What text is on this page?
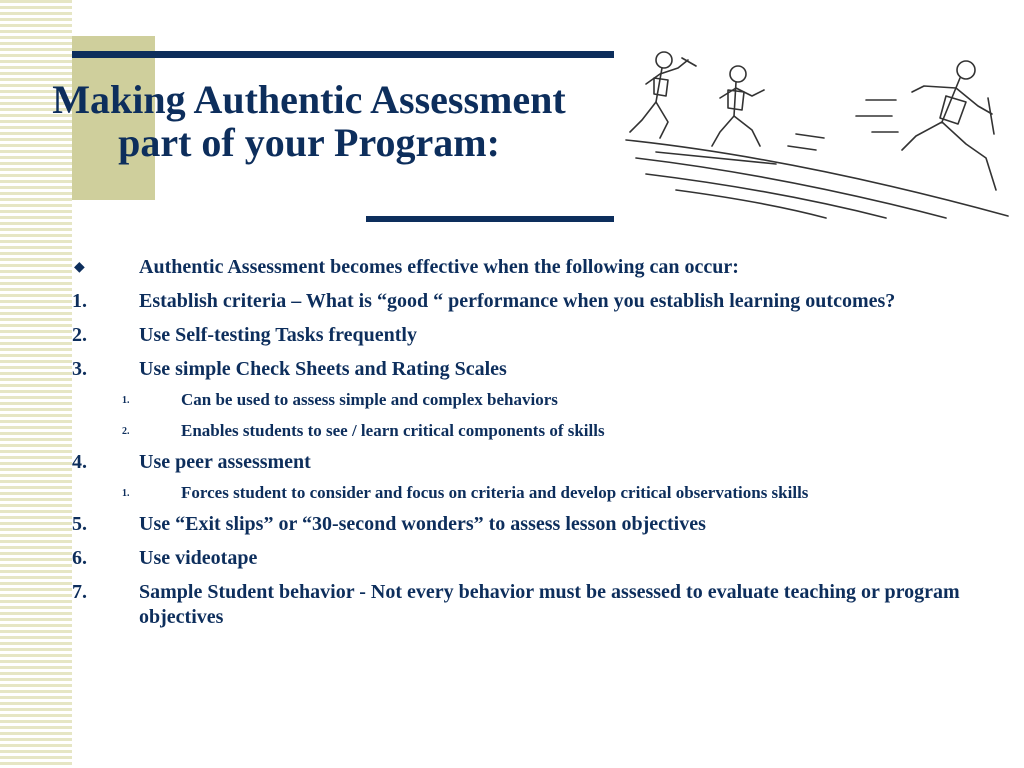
Making Authentic Assessment
part of your Program:
◆	Authentic Assessment becomes effective when the following can occur:
1.	Establish criteria – What is “good “ performance when you establish learning outcomes?
2.	Use Self-testing Tasks frequently
3.	Use simple Check Sheets and Rating Scales
1.	Can be used to assess simple and complex behaviors
2.	Enables students to see / learn critical components of skills
4.	Use peer assessment
1.	Forces student to consider and focus on criteria and develop critical observations skills
5.	Use “Exit slips” or “30-second wonders” to assess lesson objectives
6.	Use videotape
7.	Sample Student behavior - Not every behavior must be assessed to evaluate teaching or program objectives
